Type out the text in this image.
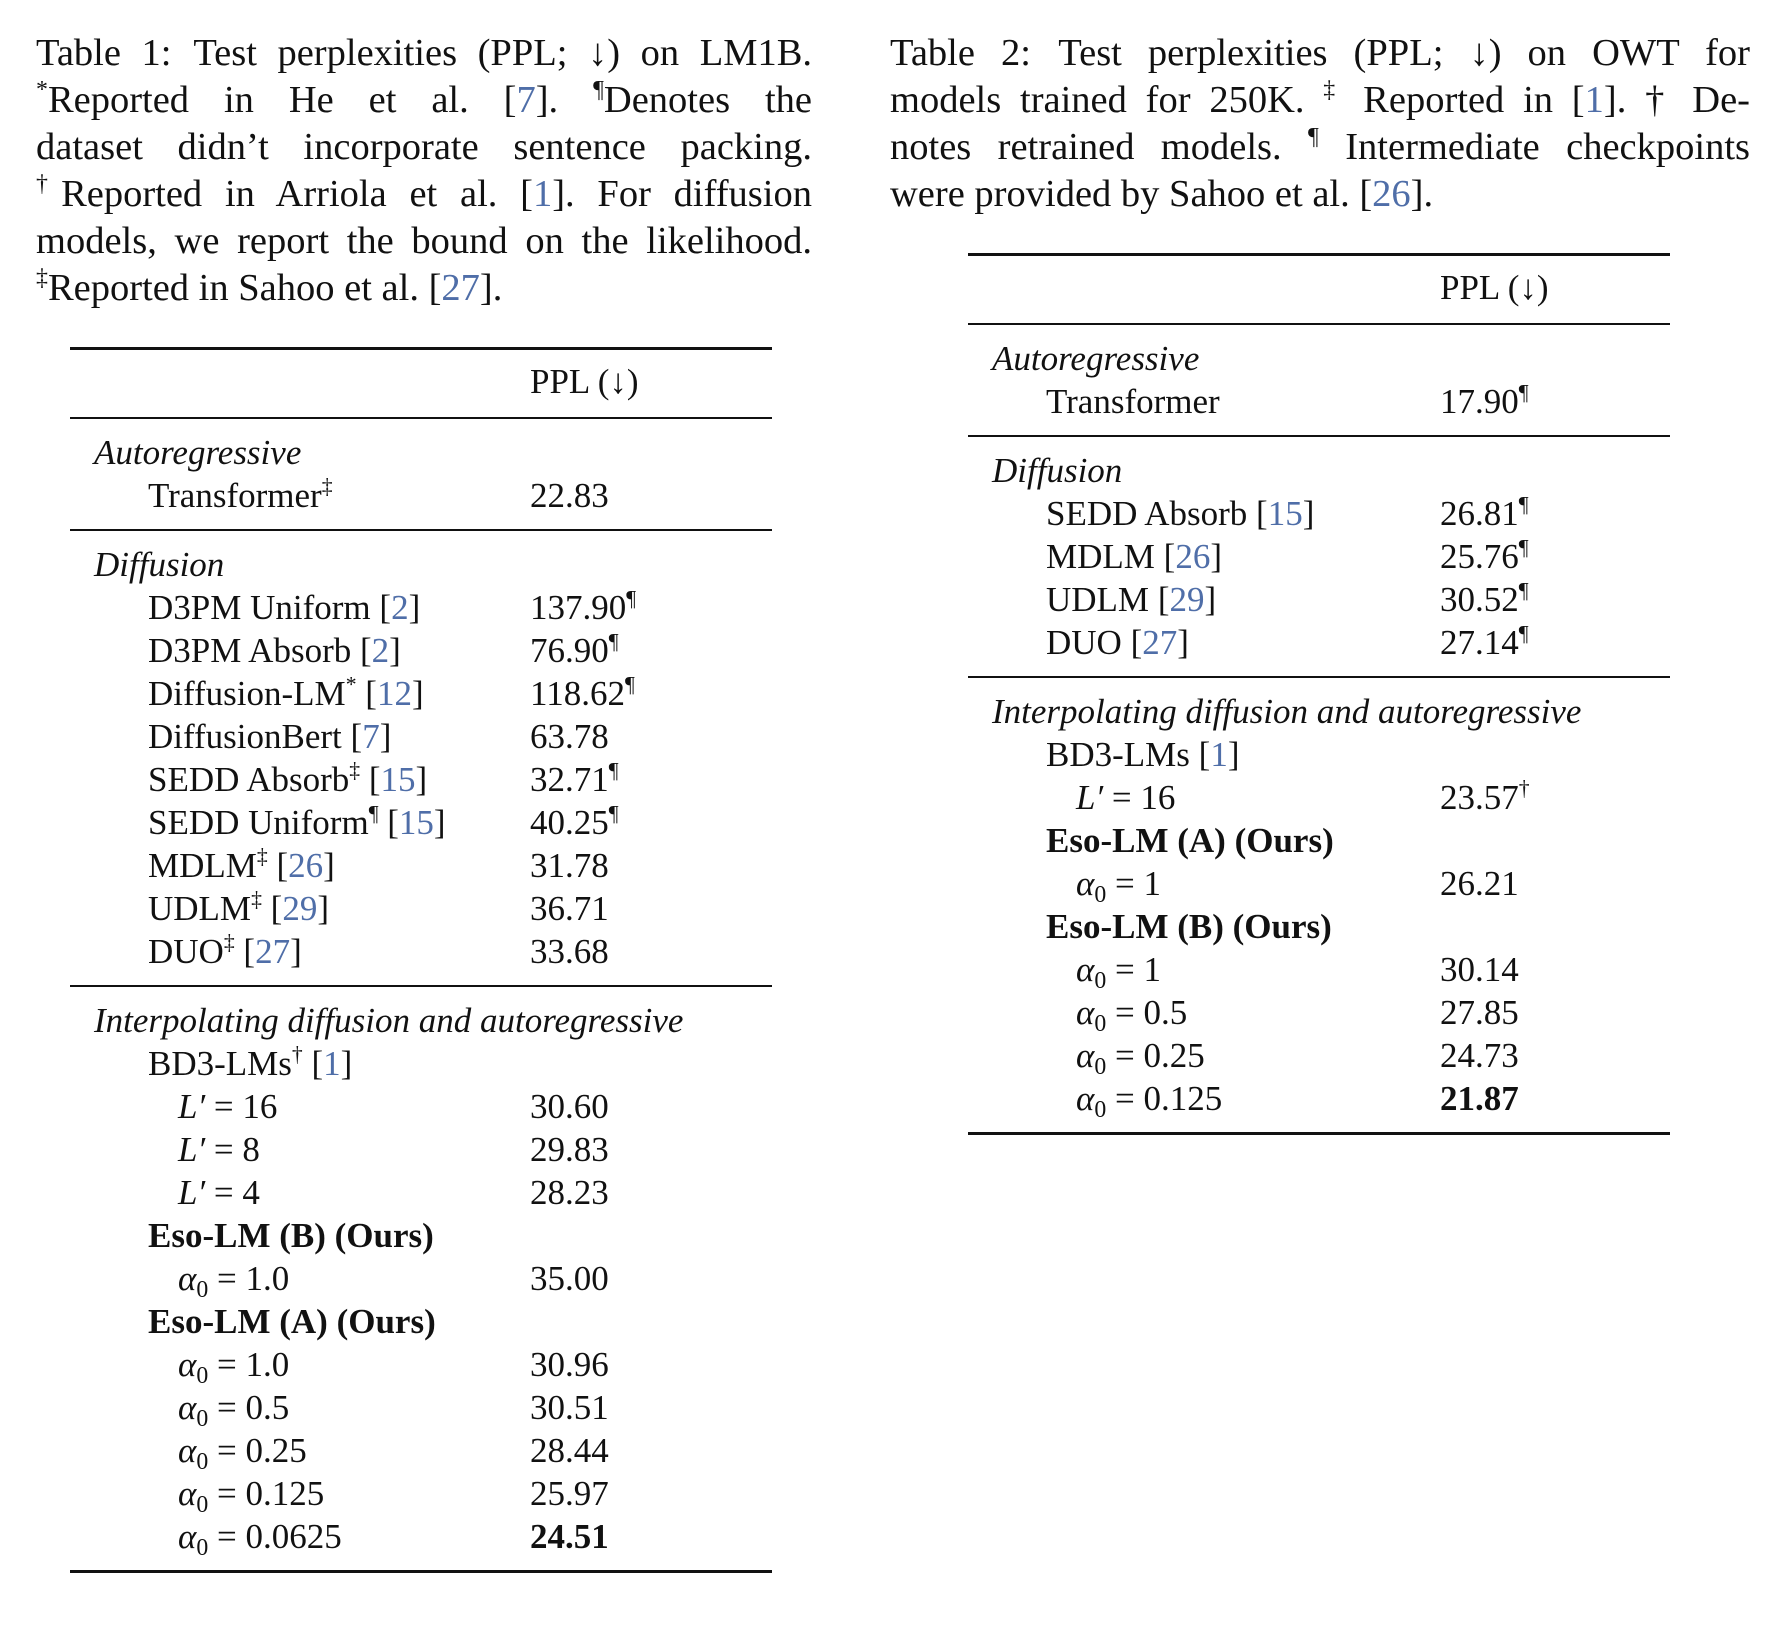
Table 1: Test perplexities (PPL; ↓) on LM1B.
*Reported in He et al. [7]. ¶Denotes the
dataset didn’t incorporate sentence packing.
†Reported in Arriola et al. [1]. For diffusion
models, we report the bound on the likelihood.
‡Reported in Sahoo et al. [27].
	PPL (↓)
Autoregressive	
Transformer‡	22.83
Diffusion	
D3PM Uniform [2]	137.90¶
D3PM Absorb [2]	76.90¶
Diffusion-LM* [12]	118.62¶
DiffusionBert [7]	63.78
SEDD Absorb‡ [15]	32.71¶
SEDD Uniform¶ [15]	40.25¶
MDLM‡ [26]	31.78
UDLM‡ [29]	36.71
DUO‡ [27]	33.68
Interpolating diffusion and autoregressive	
BD3-LMs† [1]	
L′ = 16	30.60
L′ = 8	29.83
L′ = 4	28.23
Eso-LM (B) (Ours)	
$\alpha_0 = 1.0$	35.00
Eso-LM (A) (Ours)	
$\alpha_0 = 1.0$	30.96
$\alpha_0 = 0.5$	30.51
$\alpha_0 = 0.25$	28.44
$\alpha_0 = 0.125$	25.97
$\alpha_0 = 0.0625$	24.51
Table 2: Test perplexities (PPL; ↓) on OWT for
models trained for 250K. ‡ Reported in [1]. † De-
notes retrained models. ¶ Intermediate checkpoints
were provided by Sahoo et al. [26].
	PPL (↓)
Autoregressive	
Transformer	17.90¶
Diffusion	
SEDD Absorb [15]	26.81¶
MDLM [26]	25.76¶
UDLM [29]	30.52¶
DUO [27]	27.14¶
Interpolating diffusion and autoregressive	
BD3-LMs [1]	
L′ = 16	23.57†
Eso-LM (A) (Ours)	
$\alpha_0 = 1$	26.21
Eso-LM (B) (Ours)	
$\alpha_0 = 1$	30.14
$\alpha_0 = 0.5$	27.85
$\alpha_0 = 0.25$	24.73
$\alpha_0 = 0.125$	21.87
